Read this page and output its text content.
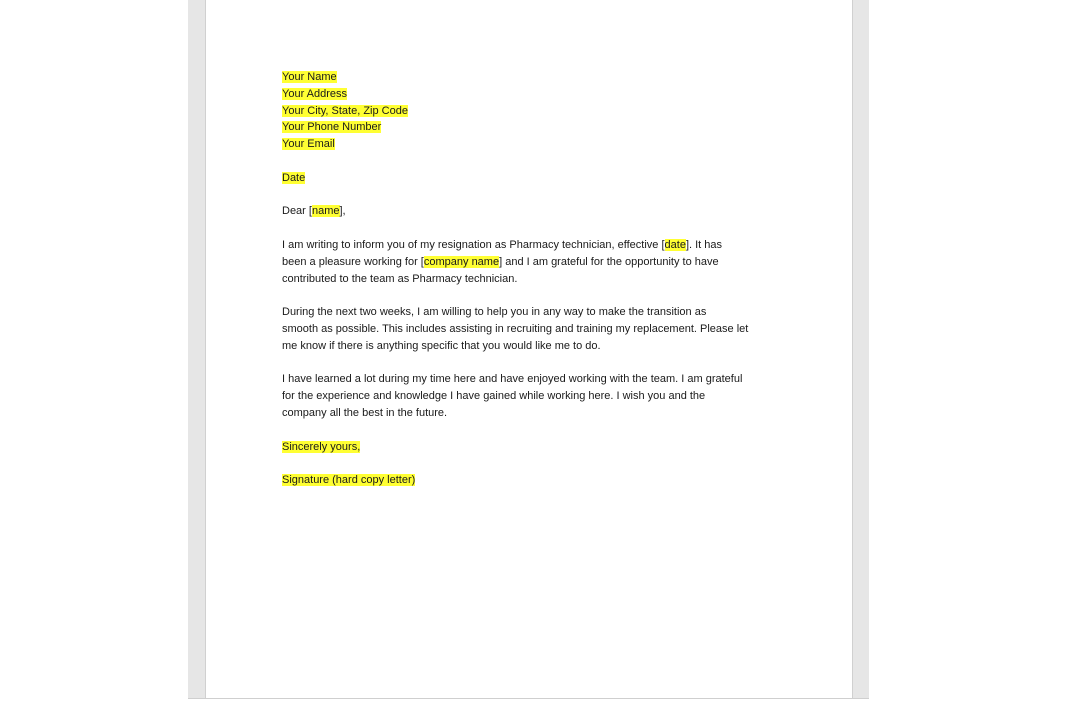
Your Name
Your Address
Your City, State, Zip Code
Your Phone Number
Your Email
Date

Dear [name],

I am writing to inform you of my resignation as Pharmacy technician, effective [date]. It has
been a pleasure working for [company name] and I am grateful for the opportunity to have
contributed to the team as Pharmacy technician.

During the next two weeks, I am willing to help you in any way to make the transition as
smooth as possible. This includes assisting in recruiting and training my replacement. Please let
me know if there is anything specific that you would like me to do.

I have learned a lot during my time here and have enjoyed working with the team. I am grateful
for the experience and knowledge I have gained while working here. I wish you and the
company all the best in the future.

Sincerely yours,
Signature (hard copy letter)
